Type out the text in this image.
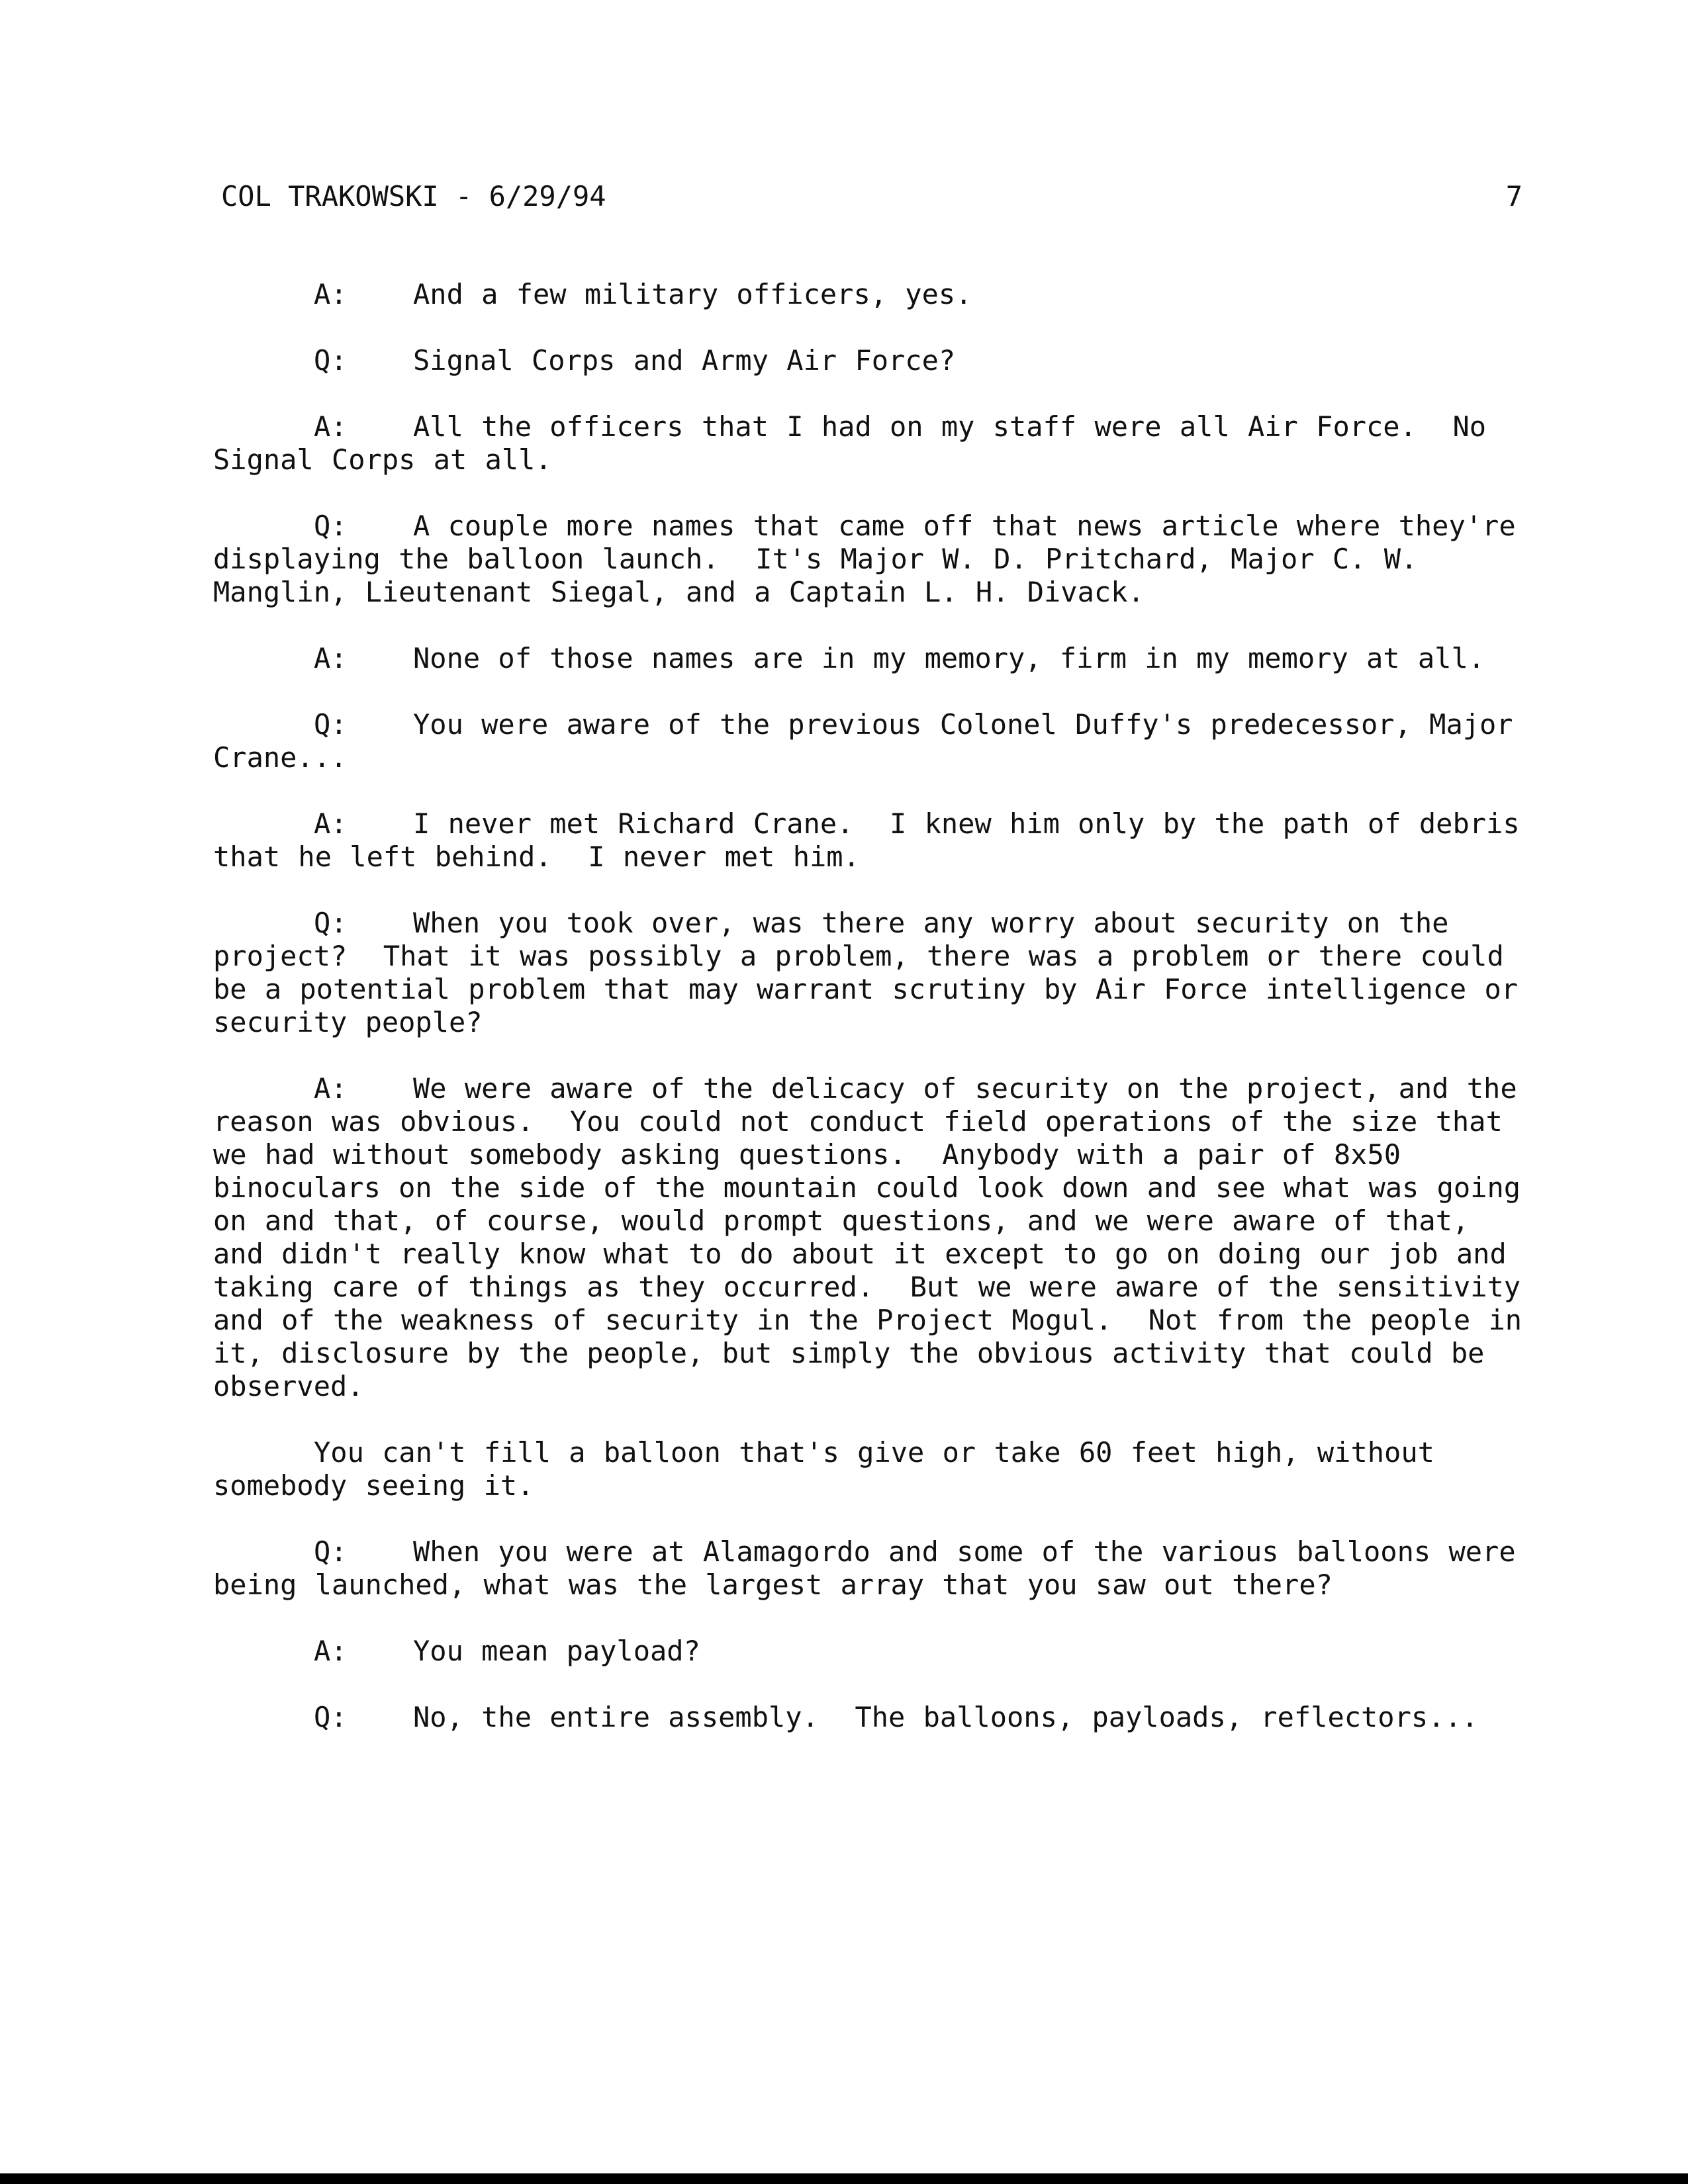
COL TRAKOWSKI - 6/29/94	7

A: And a few military officers, yes.

Q: Signal Corps and Army Air Force?

A: All the officers that I had on my staff were all Air Force.  No Signal Corps at all.

Q: A couple more names that came off that news article where they're displaying the balloon launch.  It's Major W. D. Pritchard, Major C. W. Manglin, Lieutenant Siegal, and a Captain L. H. Divack.

A: None of those names are in my memory, firm in my memory at all.

Q: You were aware of the previous Colonel Duffy's predecessor, Major Crane...

A: I never met Richard Crane.  I knew him only by the path of debris that he left behind.  I never met him.

Q: When you took over, was there any worry about security on the project?  That it was possibly a problem, there was a problem or there could be a potential problem that may warrant scrutiny by Air Force intelligence or security people?

A: We were aware of the delicacy of security on the project, and the reason was obvious.  You could not conduct field operations of the size that we had without somebody asking questions.  Anybody with a pair of 8x50 binoculars on the side of the mountain could look down and see what was going on and that, of course, would prompt questions, and we were aware of that, and didn't really know what to do about it except to go on doing our job and taking care of things as they occurred.  But we were aware of the sensitivity and of the weakness of security in the Project Mogul.  Not from the people in it, disclosure by the people, but simply the obvious activity that could be observed.

You can't fill a balloon that's give or take 60 feet high, without somebody seeing it.

Q: When you were at Alamagordo and some of the various balloons were being launched, what was the largest array that you saw out there?

A: You mean payload?

Q: No, the entire assembly.  The balloons, payloads, reflectors...
